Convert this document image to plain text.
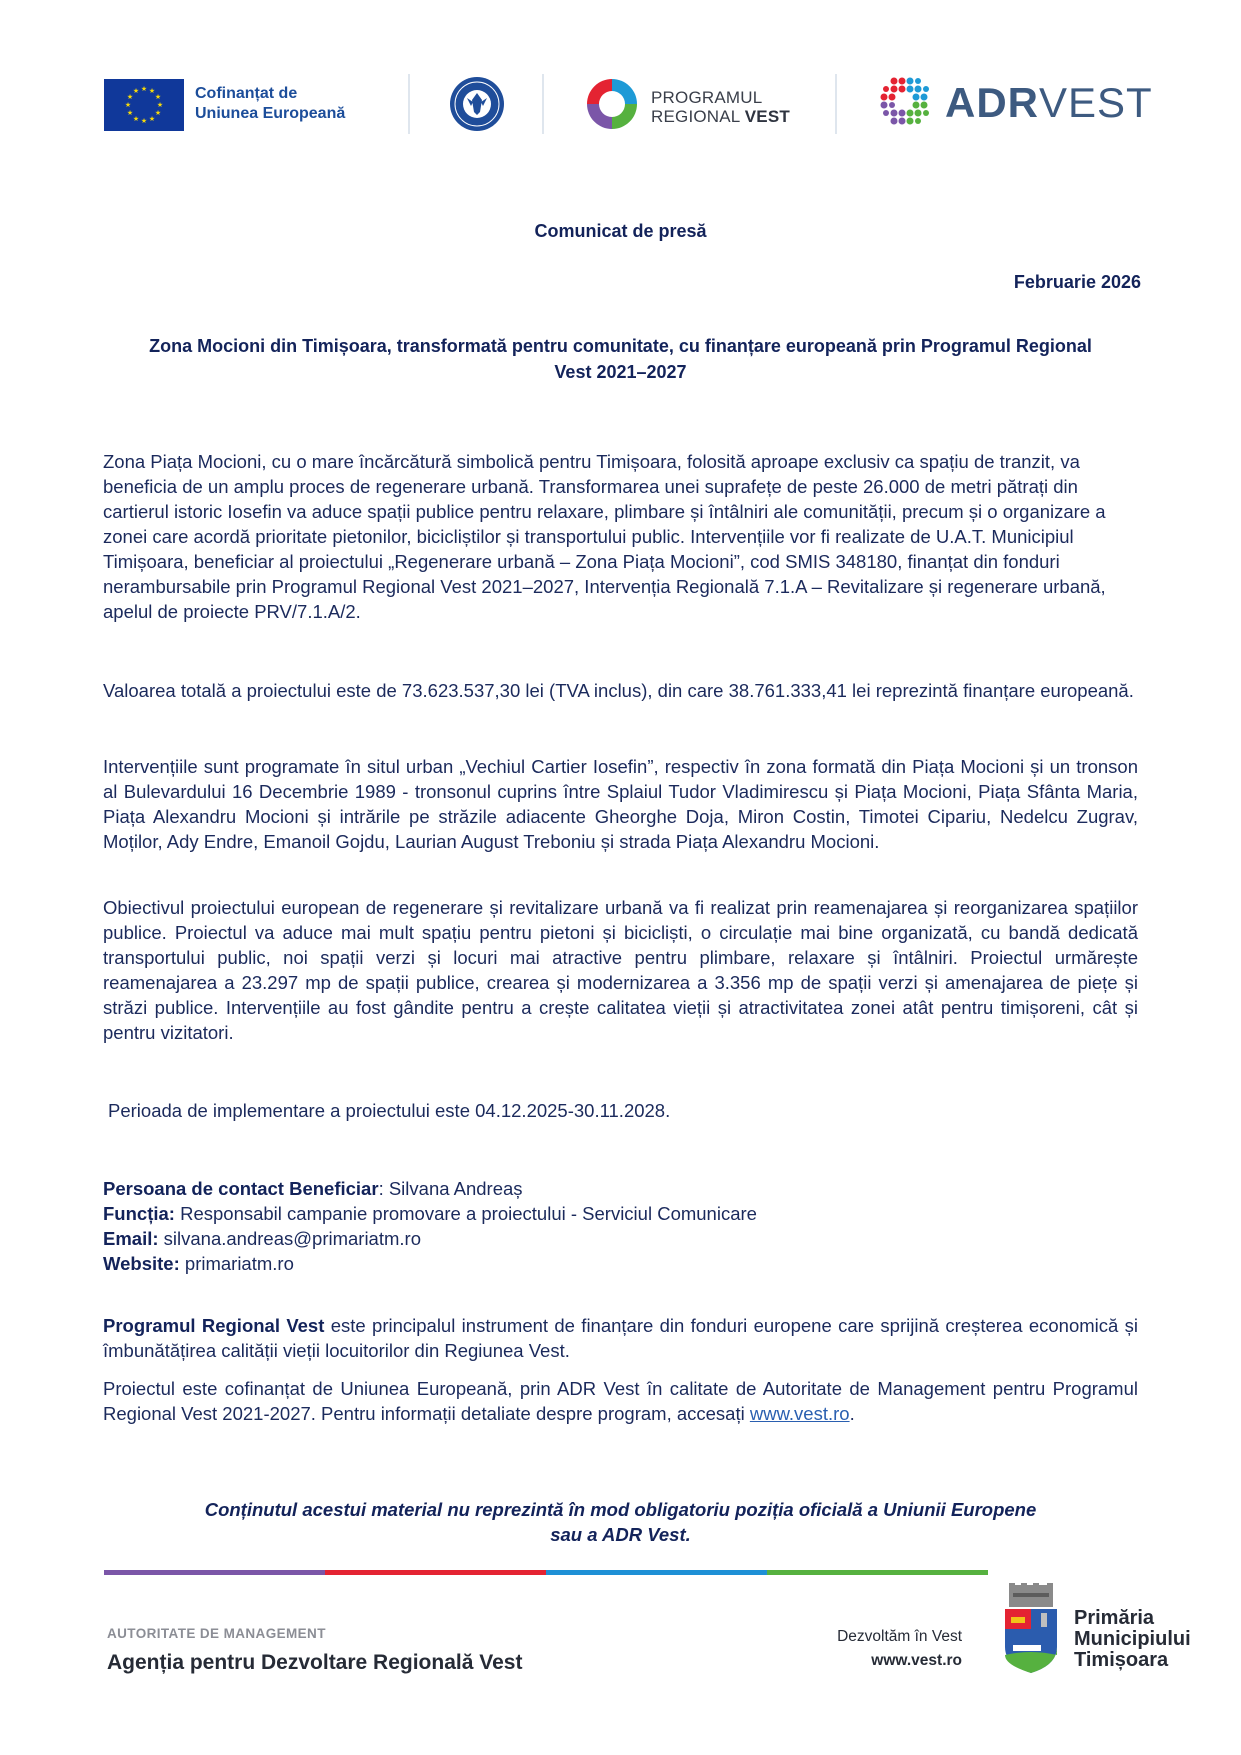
★ ★
★
★
★
★
★
★
★
★
★
★	Cofinanțat de
Uniunea Europeană
PROGRAMUL
REGIONAL VEST	ADRVEST
Comunicat de presă
Februarie 2026
Zona Mocioni din Timișoara, transformată pentru comunitate, cu finanțare europeană prin Programul Regional Vest 2021–2027
Zona Piața Mocioni, cu o mare încărcătură simbolică pentru Timișoara, folosită aproape exclusiv ca spațiu de tranzit, va beneficia de un amplu proces de regenerare urbană. Transformarea unei suprafețe de peste 26.000 de metri pătrați din cartierul istoric Iosefin va aduce spații publice pentru relaxare, plimbare și întâlniri ale comunității, precum și o organizare a zonei care acordă prioritate pietonilor, bicicliștilor și transportului public. Intervențiile vor fi realizate de U.A.T. Municipiul Timișoara, beneficiar al proiectului „Regenerare urbană – Zona Piața Mocioni”, cod SMIS 348180, finanțat din fonduri nerambursabile prin Programul Regional Vest 2021–2027, Intervenția Regională 7.1.A – Revitalizare și regenerare urbană, apelul de proiecte PRV/7.1.A/2.
Valoarea totală a proiectului este de 73.623.537,30 lei (TVA inclus), din care 38.761.333,41 lei reprezintă finanțare europeană.
Intervențiile sunt programate în situl urban „Vechiul Cartier Iosefin”, respectiv în zona formată din Piața Mocioni și un tronson al Bulevardului 16 Decembrie 1989 - tronsonul cuprins între Splaiul Tudor Vladimirescu și Piața Mocioni, Piața Sfânta Maria, Piața Alexandru Mocioni și intrările pe străzile adiacente Gheorghe Doja, Miron Costin, Timotei Cipariu, Nedelcu Zugrav, Moților, Ady Endre, Emanoil Gojdu, Laurian August Treboniu și strada Piața Alexandru Mocioni.
Obiectivul proiectului european de regenerare și revitalizare urbană va fi realizat prin reamenajarea și reorganizarea spațiilor publice. Proiectul va aduce mai mult spațiu pentru pietoni și bicicliști, o circulație mai bine organizată, cu bandă dedicată transportului public, noi spații verzi și locuri mai atractive pentru plimbare, relaxare și întâlniri. Proiectul urmărește reamenajarea a 23.297 mp de spații publice, crearea și modernizarea a 3.356 mp de spații verzi și amenajarea de piețe și străzi publice. Intervențiile au fost gândite pentru a crește calitatea vieții și atractivitatea zonei atât pentru timișoreni, cât și pentru vizitatori.
Perioada de implementare a proiectului este 04.12.2025-30.11.2028.
Persoana de contact Beneficiar: Silvana Andreaș
Funcția: Responsabil campanie promovare a proiectului - Serviciul Comunicare
Email: silvana.andreas@primariatm.ro
Website: primariatm.ro
Programul Regional Vest este principalul instrument de finanțare din fonduri europene care sprijină creșterea economică și îmbunătățirea calității vieții locuitorilor din Regiunea Vest.
Proiectul este cofinanțat de Uniunea Europeană, prin ADR Vest în calitate de Autoritate de Management pentru Programul Regional Vest 2021-2027. Pentru informații detaliate despre program, accesați www.vest.ro.
Conținutul acestui material nu reprezintă în mod obligatoriu poziția oficială a Uniunii Europene sau a ADR Vest.
AUTORITATE DE MANAGEMENT
Agenția pentru Dezvoltare Regională Vest
Dezvoltăm în Vest
www.vest.ro
Primăria
Municipiului
Timișoara
